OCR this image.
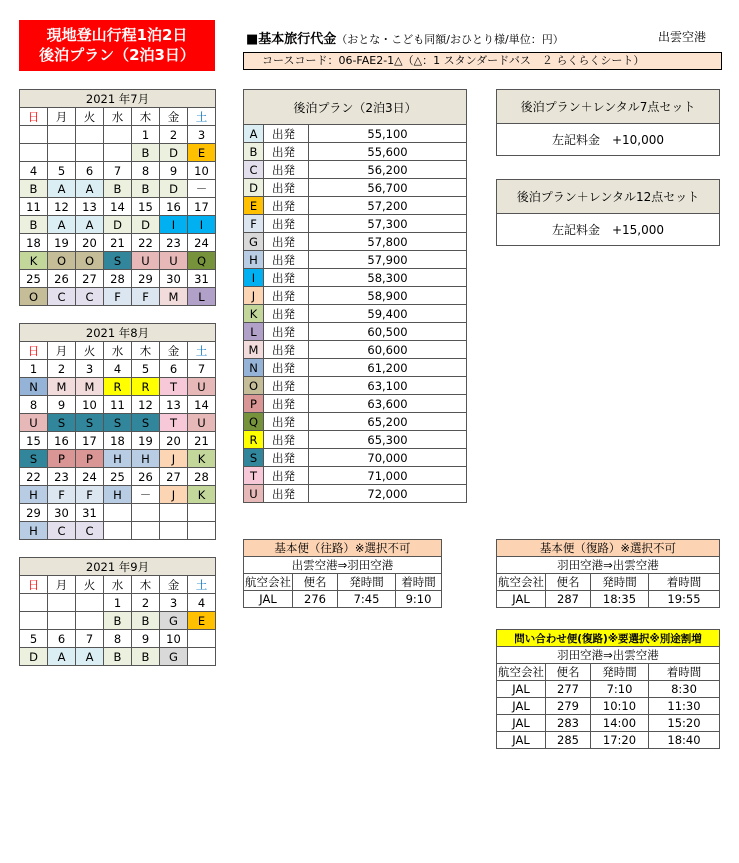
現地登山行程1泊2日
後泊プラン（2泊3日）
■基本旅行代金（おとな・こども同額/おひとり様/単位：円）	出雲空港
コースコード：06-FAE2-1△（△：1 スタンダードバス　２ らくらくシート）
2021 年7月						
日	月	火	水	木	金	土
				1	2	3
				B	D	E
4	5	6	7	8	9	10
B	A	A	B	B	D	－
11	12	13	14	15	16	17
B	A	A	D	D	I	I
18	19	20	21	22	23	24
K	O	O	S	U	U	Q
25	26	27	28	29	30	31
O	C	C	F	F	M	L
2021 年8月						
日	月	火	水	木	金	土
1	2	3	4	5	6	7
N	M	M	R	R	T	U
8	9	10	11	12	13	14
U	S	S	S	S	T	U
15	16	17	18	19	20	21
S	P	P	H	H	J	K
22	23	24	25	26	27	28
H	F	F	H	－	J	K
29	30	31				
H	C	C				
2021 年9月						
日	月	火	水	木	金	土
			1	2	3	4
			B	B	G	E
5	6	7	8	9	10	
D	A	A	B	B	G	
後泊プラン（2泊3日）		
A	出発	55,100
B	出発	55,600
C	出発	56,200
D	出発	56,700
E	出発	57,200
F	出発	57,300
G	出発	57,800
H	出発	57,900
I	出発	58,300
J	出発	58,900
K	出発	59,400
L	出発	60,500
M	出発	60,600
N	出発	61,200
O	出発	63,100
P	出発	63,600
Q	出発	65,200
R	出発	65,300
S	出発	70,000
T	出発	71,000
U	出発	72,000
後泊プラン＋レンタル7点セット
左記料金　+10,000
後泊プラン＋レンタル12点セット
左記料金　+15,000
基本便（往路）※選択不可			
出雲空港⇒羽田空港			
航空会社	便名	発時間	着時間
JAL	276	7:45	9:10
基本便（復路）※選択不可			
羽田空港⇒出雲空港			
航空会社	便名	発時間	着時間
JAL	287	18:35	19:55
問い合わせ便(復路)※要選択※別途割増			
羽田空港⇒出雲空港			
航空会社	便名	発時間	着時間
JAL	277	7:10	8:30
JAL	279	10:10	11:30
JAL	283	14:00	15:20
JAL	285	17:20	18:40
